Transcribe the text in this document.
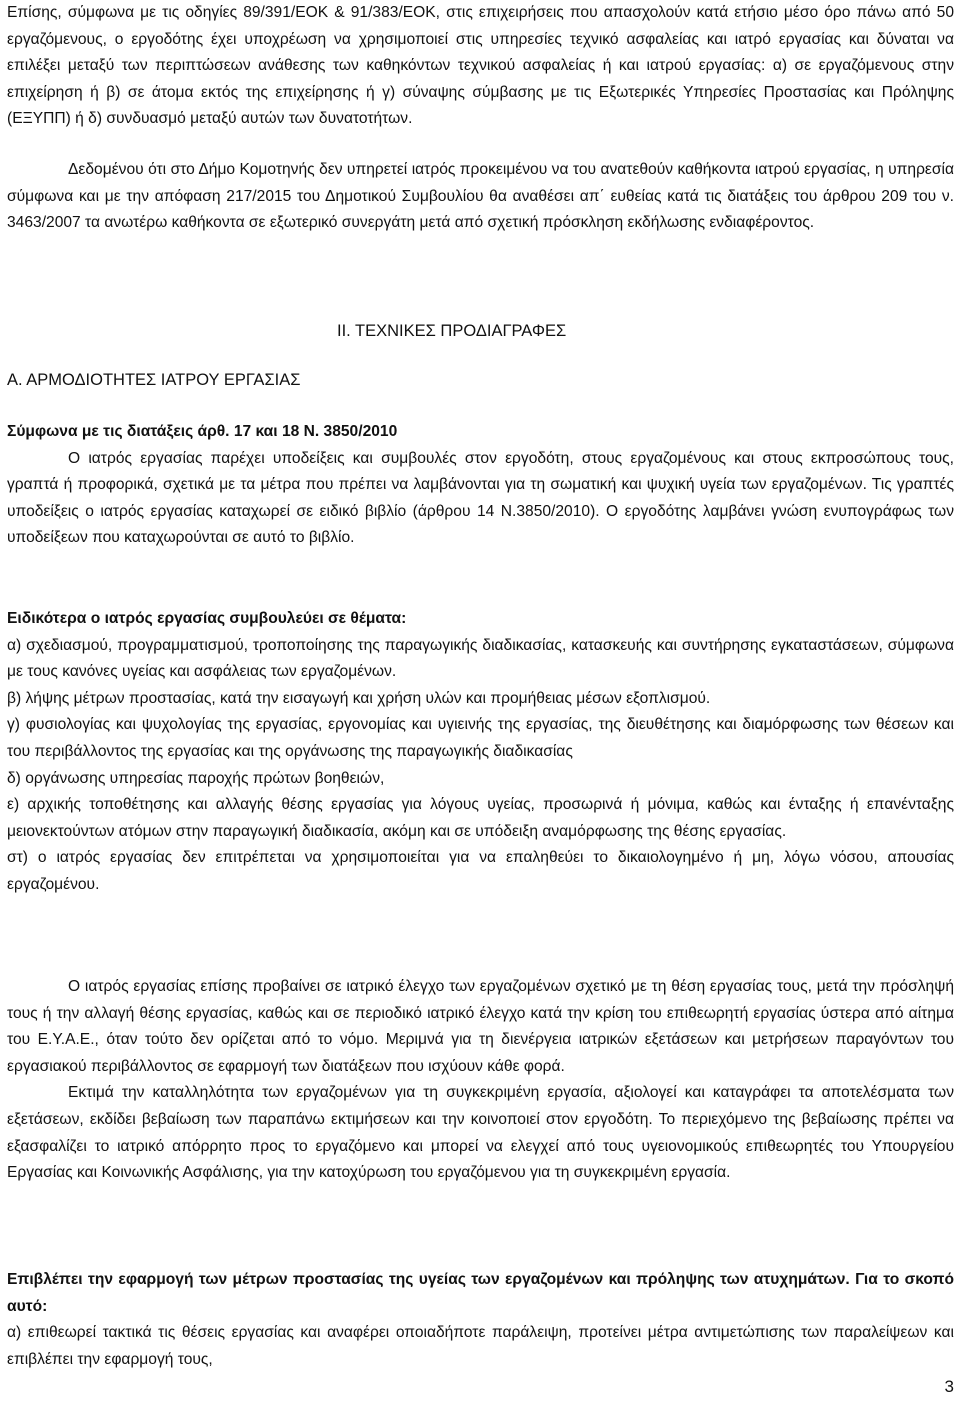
Επίσης, σύμφωνα με τις οδηγίες 89/391/ΕΟΚ & 91/383/ΕΟΚ, στις επιχειρήσεις που απασχολούν κατά ετήσιο μέσο όρο πάνω από 50 εργαζόμενους, ο εργοδότης έχει υποχρέωση να χρησιμοποιεί στις υπηρεσίες τεχνικό ασφαλείας και ιατρό εργασίας και δύναται να επιλέξει μεταξύ των περιπτώσεων ανάθεσης των καθηκόντων τεχνικού ασφαλείας ή και ιατρού εργασίας: α) σε εργαζόμενους στην επιχείρηση ή β) σε άτομα εκτός της επιχείρησης ή γ) σύναψης σύμβασης με τις Εξωτερικές Υπηρεσίες Προστασίας και Πρόληψης (ΕΞΥΠΠ) ή δ) συνδυασμό μεταξύ αυτών των δυνατοτήτων.

Δεδομένου ότι στο Δήμο Κομοτηνής δεν υπηρετεί ιατρός προκειμένου να του ανατεθούν καθήκοντα ιατρού εργασίας, η υπηρεσία σύμφωνα και με την απόφαση 217/2015 του Δημοτικού Συμβουλίου θα αναθέσει απ΄ ευθείας κατά τις διατάξεις του άρθρου 209 του ν. 3463/2007 τα ανωτέρω καθήκοντα σε εξωτερικό συνεργάτη μετά από σχετική πρόσκληση εκδήλωσης ενδιαφέροντος.

ΙΙ. ΤΕΧΝΙΚΕΣ ΠΡΟΔΙΑΓΡΑΦΕΣ

Α. ΑΡΜΟΔΙΟΤΗΤΕΣ ΙΑΤΡΟΥ ΕΡΓΑΣΙΑΣ

Σύμφωνα με τις διατάξεις άρθ. 17 και 18 Ν. 3850/2010

Ο ιατρός εργασίας παρέχει υποδείξεις και συμβουλές στον εργοδότη, στους εργαζομένους και στους εκπροσώπους τους, γραπτά ή προφορικά, σχετικά με τα μέτρα που πρέπει να λαμβάνονται για τη σωματική και ψυχική υγεία των εργαζομένων. Τις γραπτές υποδείξεις ο ιατρός εργασίας καταχωρεί σε ειδικό βιβλίο (άρθρου 14 Ν.3850/2010). Ο εργοδότης λαμβάνει γνώση ενυπογράφως των υποδείξεων που καταχωρούνται σε αυτό το βιβλίο.

Ειδικότερα ο ιατρός εργασίας συμβουλεύει σε θέματα:

α) σχεδιασμού, προγραμματισμού, τροποποίησης της παραγωγικής διαδικασίας, κατασκευής και συντήρησης εγκαταστάσεων, σύμφωνα με τους κανόνες υγείας και ασφάλειας των εργαζομένων.

β) λήψης μέτρων προστασίας, κατά την εισαγωγή και χρήση υλών και προμήθειας μέσων εξοπλισμού.

γ) φυσιολογίας και ψυχολογίας της εργασίας, εργονομίας και υγιεινής της εργασίας, της διευθέτησης και διαμόρφωσης των θέσεων και του περιβάλλοντος της εργασίας και της οργάνωσης της παραγωγικής διαδικασίας

δ) οργάνωσης υπηρεσίας παροχής πρώτων βοηθειών,

ε) αρχικής τοποθέτησης και αλλαγής θέσης εργασίας για λόγους υγείας, προσωρινά ή μόνιμα, καθώς και ένταξης ή επανένταξης μειονεκτούντων ατόμων στην παραγωγική διαδικασία, ακόμη και σε υπόδειξη αναμόρφωσης της θέσης εργασίας.

στ) ο ιατρός εργασίας δεν επιτρέπεται να χρησιμοποιείται για να επαληθεύει το δικαιολογημένο ή μη, λόγω νόσου, απουσίας εργαζομένου.

Ο ιατρός εργασίας επίσης προβαίνει σε ιατρικό έλεγχο των εργαζομένων σχετικό με τη θέση εργασίας τους, μετά την πρόσληψή τους ή την αλλαγή θέσης εργασίας, καθώς και σε περιοδικό ιατρικό έλεγχο κατά την κρίση του επιθεωρητή εργασίας ύστερα από αίτημα του Ε.Υ.Α.Ε., όταν τούτο δεν ορίζεται από το νόμο. Μεριμνά για τη διενέργεια ιατρικών εξετάσεων και μετρήσεων παραγόντων του εργασιακού περιβάλλοντος σε εφαρμογή των διατάξεων που ισχύουν κάθε φορά.

Εκτιμά την καταλληλότητα των εργαζομένων για τη συγκεκριμένη εργασία, αξιολογεί και καταγράφει τα αποτελέσματα των εξετάσεων, εκδίδει βεβαίωση των παραπάνω εκτιμήσεων και την κοινοποιεί στον εργοδότη. Το περιεχόμενο της βεβαίωσης πρέπει να εξασφαλίζει το ιατρικό απόρρητο προς το εργαζόμενο και μπορεί να ελεγχεί από τους υγειονομικούς επιθεωρητές του Υπουργείου Εργασίας και Κοινωνικής Ασφάλισης, για την κατοχύρωση του εργαζόμενου για τη συγκεκριμένη εργασία.

Επιβλέπει την εφαρμογή των μέτρων προστασίας της υγείας των εργαζομένων και πρόληψης των ατυχημάτων. Για το σκοπό αυτό:

α) επιθεωρεί τακτικά τις θέσεις εργασίας και αναφέρει οποιαδήποτε παράλειψη, προτείνει μέτρα αντιμετώπισης των παραλείψεων και επιβλέπει την εφαρμογή τους,

3
